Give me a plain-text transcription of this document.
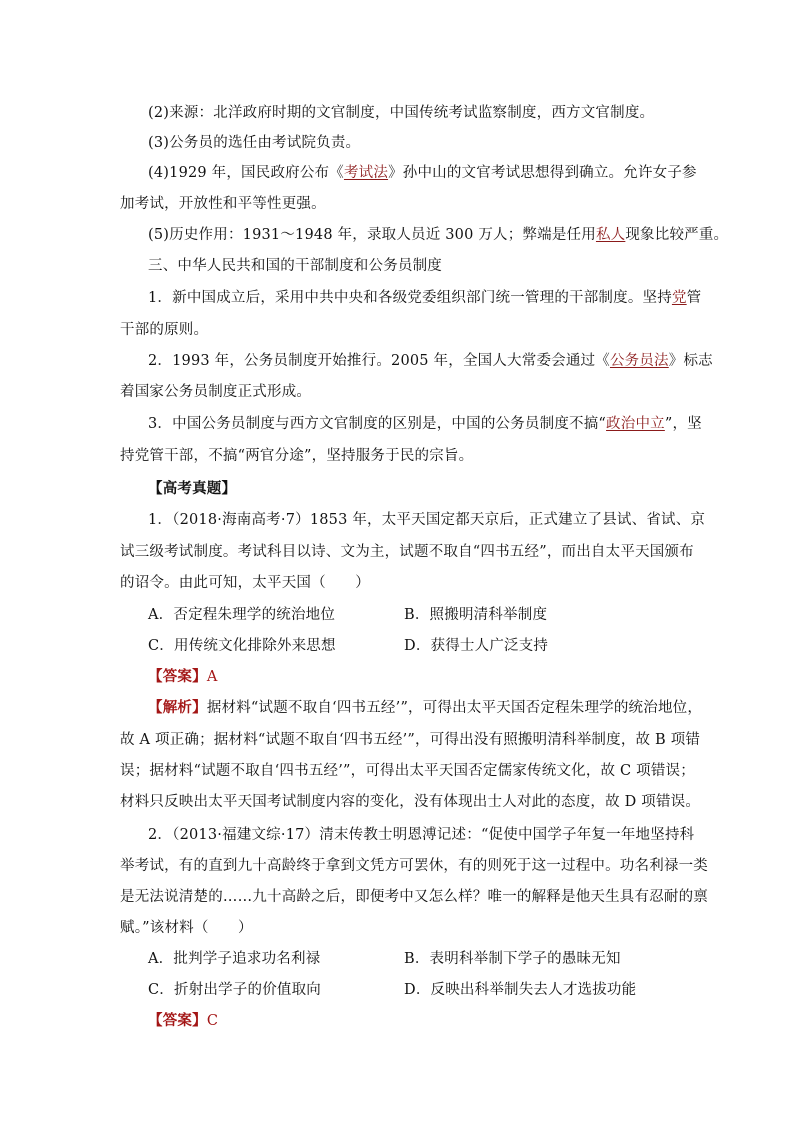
(2)来源：北洋政府时期的文官制度，中国传统考试监察制度，西方文官制度。
(3)公务员的选任由考试院负责。
(4)1929 年，国民政府公布《考试法》孙中山的文官考试思想得到确立。允许女子参
加考试，开放性和平等性更强。
(5)历史作用：1931～1948 年，录取人员近 300 万人；弊端是任用私人现象比较严重。
三、中华人民共和国的干部制度和公务员制度
1．新中国成立后，采用中共中央和各级党委组织部门统一管理的干部制度。坚持党管
干部的原则。
2．1993 年，公务员制度开始推行。2005 年，全国人大常委会通过《公务员法》标志
着国家公务员制度正式形成。
3．中国公务员制度与西方文官制度的区别是，中国的公务员制度不搞“政治中立”，坚
持党管干部，不搞“两官分途”，坚持服务于民的宗旨。
【高考真题】
1．（2018·海南高考·7）1853 年，太平天国定都天京后，正式建立了县试、省试、京
试三级考试制度。考试科目以诗、文为主，试题不取自“四书五经”，而出自太平天国颁布
的诏令。由此可知，太平天国（　　）
A．否定程朱理学的统治地位	B．照搬明清科举制度
C．用传统文化排除外来思想	D．获得士人广泛支持
【答案】A
【解析】据材料“试题不取自‘四书五经’”，可得出太平天国否定程朱理学的统治地位，
故 A 项正确；据材料“试题不取自‘四书五经’”，可得出没有照搬明清科举制度，故 B 项错
误；据材料“试题不取自‘四书五经’”，可得出太平天国否定儒家传统文化，故 C 项错误；
材料只反映出太平天国考试制度内容的变化，没有体现出士人对此的态度，故 D 项错误。
2．（2013·福建文综·17）清末传教士明恩溥记述：“促使中国学子年复一年地坚持科
举考试，有的直到九十高龄终于拿到文凭方可罢休，有的则死于这一过程中。功名利禄一类
是无法说清楚的……九十高龄之后，即便考中又怎么样？唯一的解释是他天生具有忍耐的禀
赋。”该材料（　　）
A．批判学子追求功名利禄	B．表明科举制下学子的愚昧无知
C．折射出学子的价值取向	D．反映出科举制失去人才选拔功能
【答案】C
